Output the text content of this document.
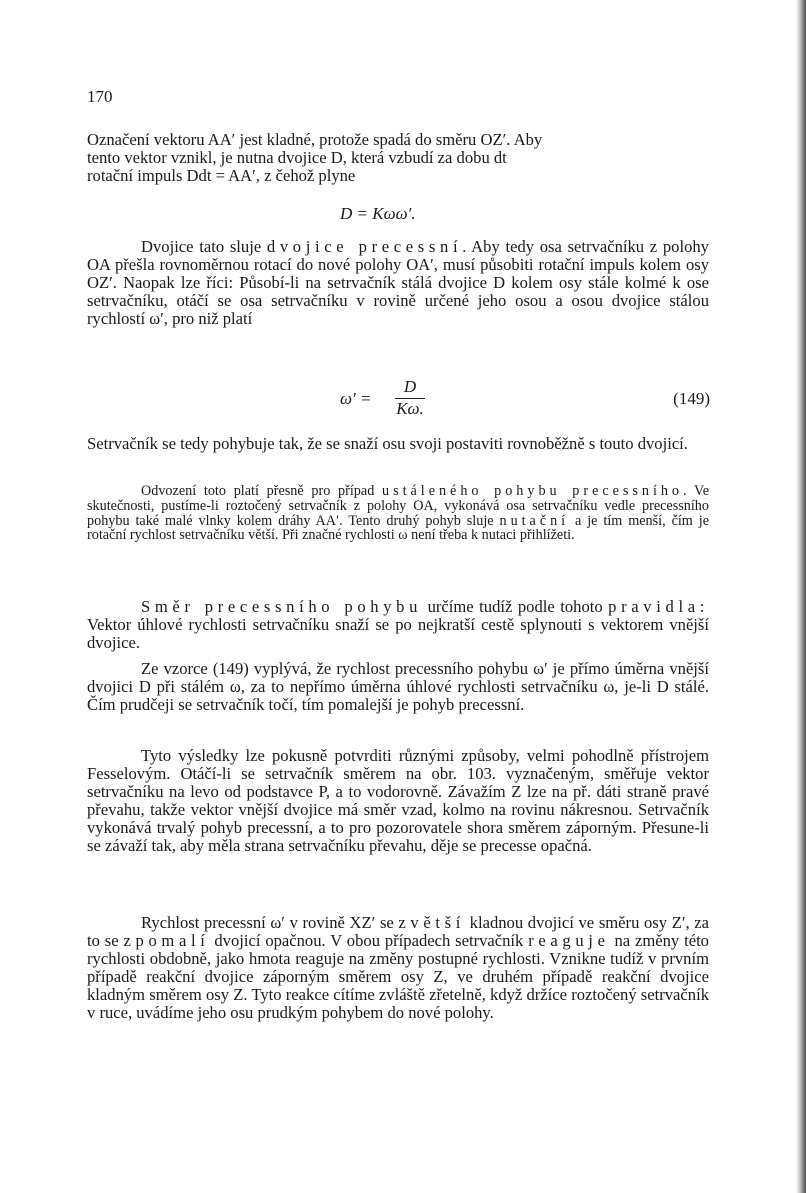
170

Označení vektoru AA′ jest kladné, protože spadá do směru OZ′. Aby

tento vektor vznikl, je nutna dvojice D, která vzbudí za dobu dt

rotační impuls Ddt = AA′, z čehož plyne

D = Kωω′.

Dvojice tato sluje dvojice precessní. Aby tedy osa setrvačníku z polohy OA přešla rovnoměrnou rotací do nové polohy OA′, musí působiti rotační impuls kolem osy OZ′. Naopak lze říci: Působí-li na setrvačník stálá dvojice D kolem osy stále kolmé k ose setrvačníku, otáčí se osa setrvačníku v rovině určené jeho osou a osou dvojice stálou rychlostí ω′, pro niž platí

ω′ =
D
Kω.
(149)

Setrvačník se tedy pohybuje tak, že se snaží osu svoji postaviti rovnoběžně s touto dvojicí.

Odvození toto platí přesně pro případ ustáleného pohybu precessního. Ve skutečnosti, pustíme-li roztočený setrvačník z polohy OA, vykonává osa setrvačníku vedle precessního pohybu také malé vlnky kolem dráhy AA′. Tento druhý pohyb sluje nutační a je tím menší, čím je rotační rychlost setrvačníku větší. Při značné rychlosti ω není třeba k nutaci přihlížeti.

Směr precessního pohybu určíme tudíž podle tohoto pravidla: Vektor úhlové rychlosti setrvačníku snaží se po nejkratší cestě splynouti s vektorem vnější dvojice.

Ze vzorce (149) vyplývá, že rychlost precessního pohybu ω′ je přímo úměrna vnější dvojici D při stálém ω, za to nepřímo úměrna úhlové rychlosti setrvačníku ω, je-li D stálé. Čím prudčeji se setrvačník točí, tím pomalejší je pohyb precessní.

Tyto výsledky lze pokusně potvrditi různými způsoby, velmi pohodlně přístrojem Fesselovým. Otáčí-li se setrvačník směrem na obr. 103. vyznačeným, směřuje vektor setrvačníku na levo od podstavce P, a to vodorovně. Závažím Z lze na př. dáti straně pravé převahu, takže vektor vnější dvojice má směr vzad, kolmo na rovinu nákresnou. Setrvačník vykonává trvalý pohyb precessní, a to pro pozorovatele shora směrem záporným. Přesune-li se závaží tak, aby měla strana setrvačníku převahu, děje se precesse opačná.

Rychlost precessní ω′ v rovině XZ′ se zvětší kladnou dvojicí ve směru osy Z′, za to se zpomalí dvojicí opačnou. V obou případech setrvačník reaguje na změny této rychlosti obdobně, jako hmota reaguje na změny postupné rychlosti. Vznikne tudíž v prvním případě reakční dvojice záporným směrem osy Z, ve druhém případě reakční dvojice kladným směrem osy Z. Tyto reakce cítíme zvláště zřetelně, když držíce roztočený setrvačník v ruce, uvádíme jeho osu prudkým pohybem do nové polohy.
